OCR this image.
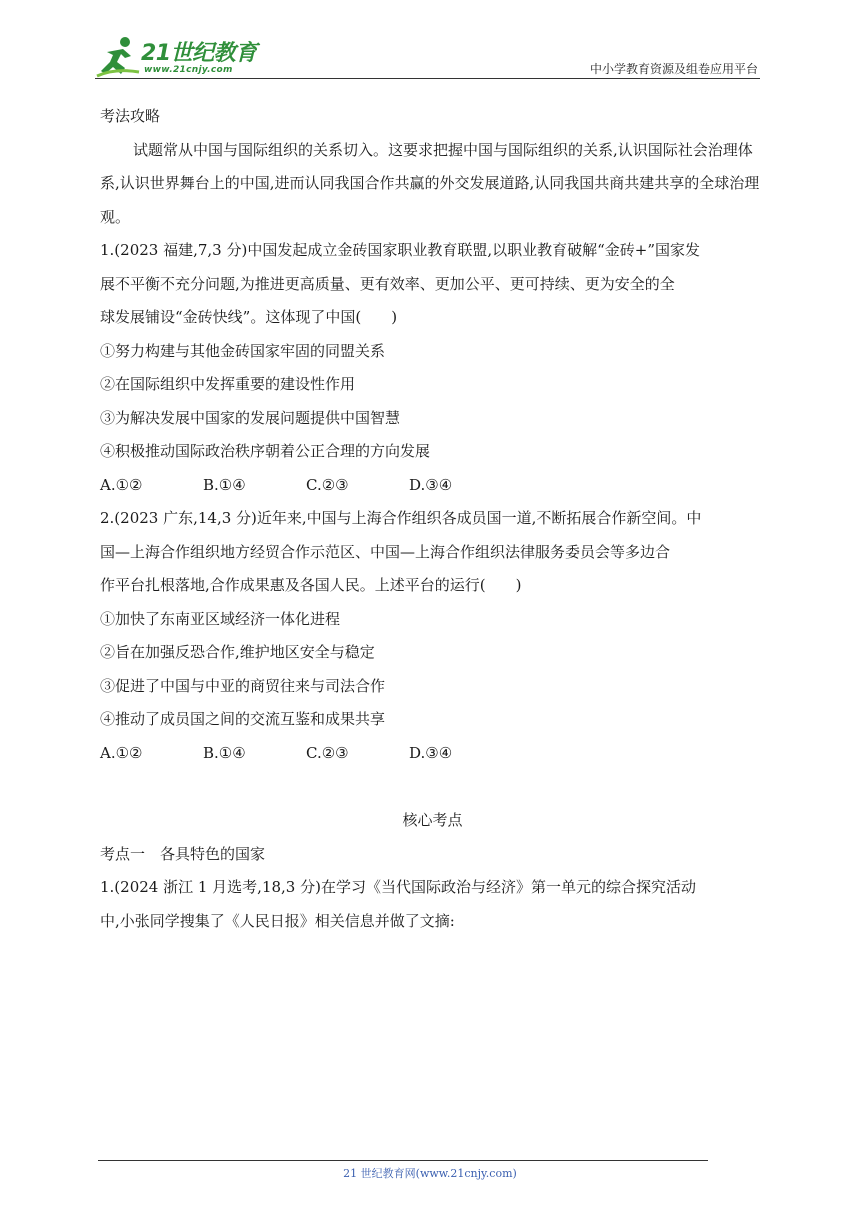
21世纪教育
www.21cnjy.com	中小学教育资源及组卷应用平台

考法攻略

试题常从中国与国际组织的关系切入。这要求把握中国与国际组织的关系,认识国际社会治理体系,认识世界舞台上的中国,进而认同我国合作共赢的外交发展道路,认同我国共商共建共享的全球治理观。

1.(2023 福建,7,3 分)中国发起成立金砖国家职业教育联盟,以职业教育破解“金砖+”国家发

展不平衡不充分问题,为推进更高质量、更有效率、更加公平、更可持续、更为安全的全

球发展铺设“金砖快线”。这体现了中国(　　)

①努力构建与其他金砖国家牢固的同盟关系

②在国际组织中发挥重要的建设性作用

③为解决发展中国家的发展问题提供中国智慧

④积极推动国际政治秩序朝着公正合理的方向发展

A.①②	B.①④	C.②③	D.③④

2.(2023 广东,14,3 分)近年来,中国与上海合作组织各成员国一道,不断拓展合作新空间。中

国—上海合作组织地方经贸合作示范区、中国—上海合作组织法律服务委员会等多边合

作平台扎根落地,合作成果惠及各国人民。上述平台的运行(　　)

①加快了东南亚区域经济一体化进程

②旨在加强反恐合作,维护地区安全与稳定

③促进了中国与中亚的商贸往来与司法合作

④推动了成员国之间的交流互鉴和成果共享

A.①②	B.①④	C.②③	D.③④

核心考点

考点一　各具特色的国家

1.(2024 浙江 1 月选考,18,3 分)在学习《当代国际政治与经济》第一单元的综合探究活动

中,小张同学搜集了《人民日报》相关信息并做了文摘:

21 世纪教育网(www.21cnjy.com)
